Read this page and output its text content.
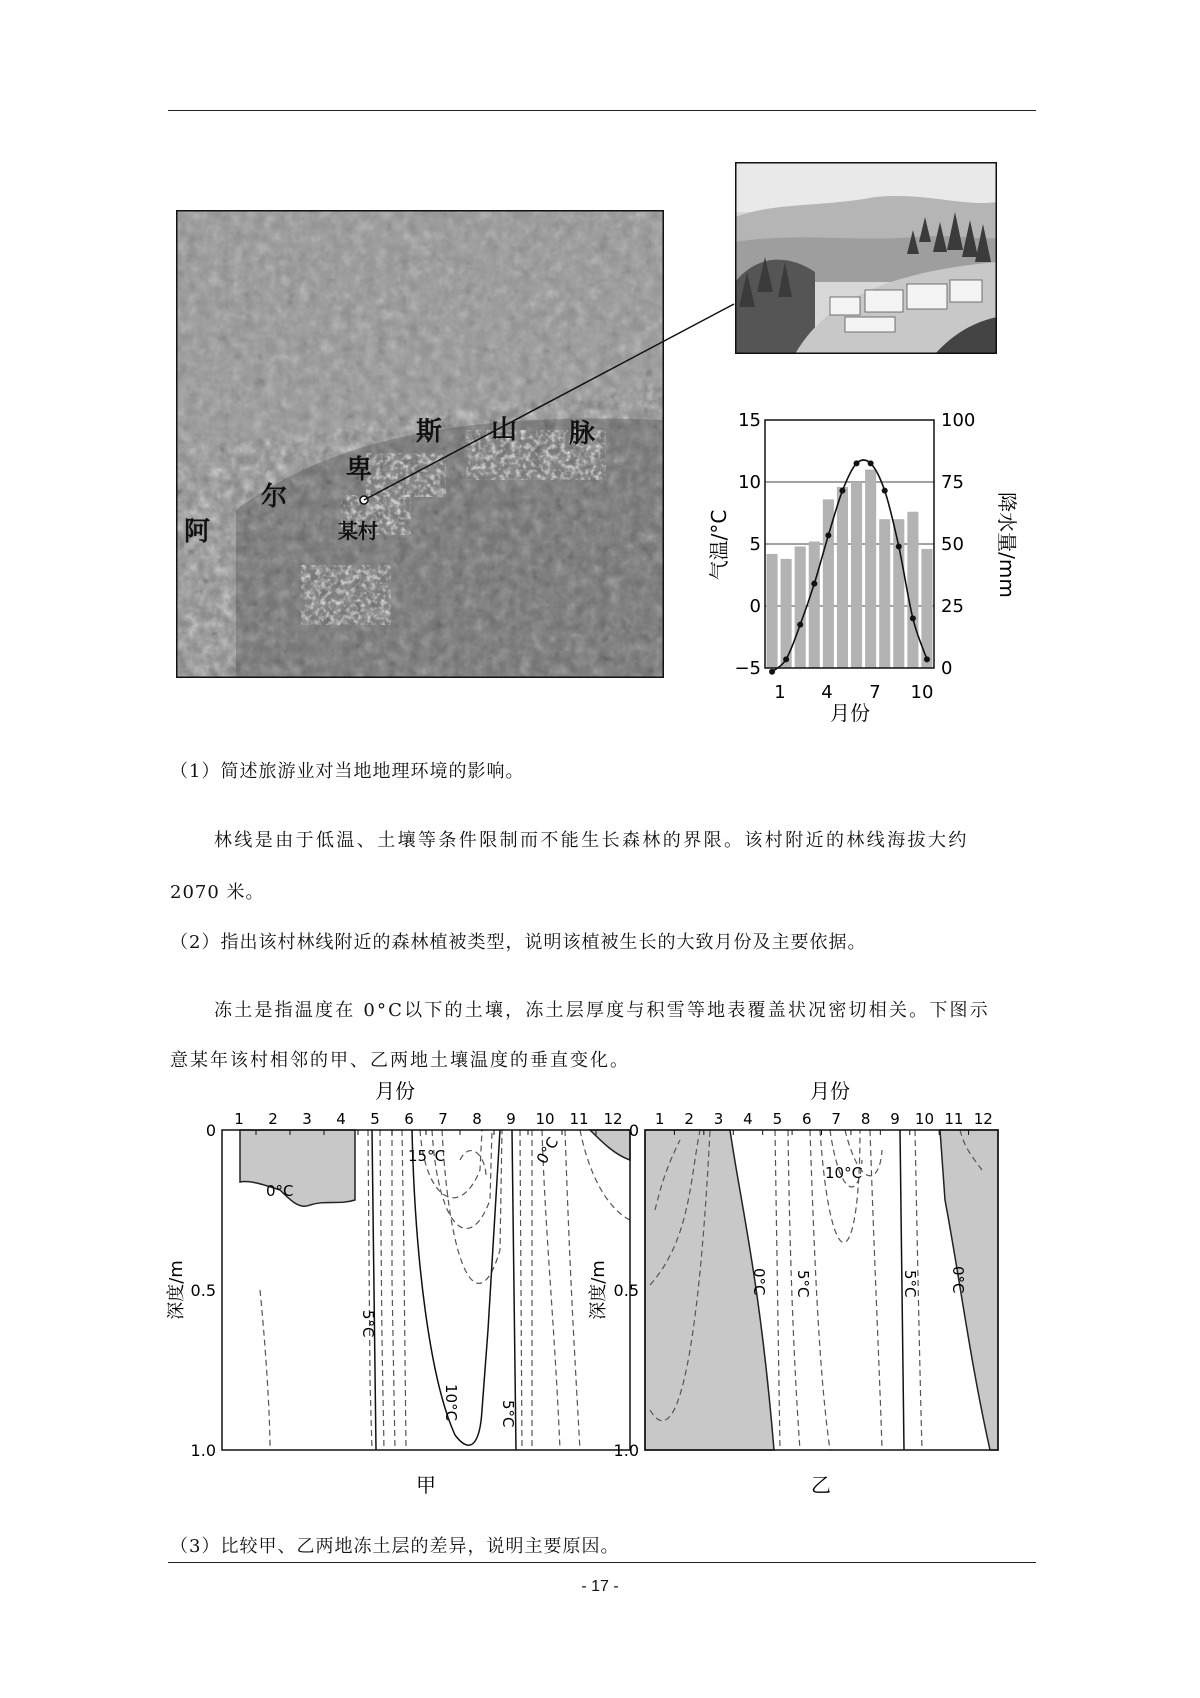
阿
尔
卑
斯 山 脉
某村
15
10
5
0
−5
100
75
50
25
0
1 4 7 10
月份
气温/°C	降水量/mm
（1）简述旅游业对当地地理环境的影响。
林线是由于低温、土壤等条件限制而不能生长森林的界限。该村附近的林线海拔大约
2070 米。
（2）指出该村林线附近的森林植被类型，说明该植被生长的大致月份及主要依据。
冻土是指温度在 0°C以下的土壤，冻土层厚度与积雪等地表覆盖状况密切相关。下图示
意某年该村相邻的甲、乙两地土壤温度的垂直变化。
1 2 3 4 5 6 7 8 9 10 11 12 1 2 3 4 5 6 7 8 9 10 11 12
月份	月份
深度/m	深度/m
0
0.5
1.0
0
0.5
1.0
15°C
0°C
0°C
5°C
10°C	5°C
10°C
0°C 5°C	5°C 0°C
甲	乙
（3）比较甲、乙两地冻土层的差异，说明主要原因。
- 17 -
